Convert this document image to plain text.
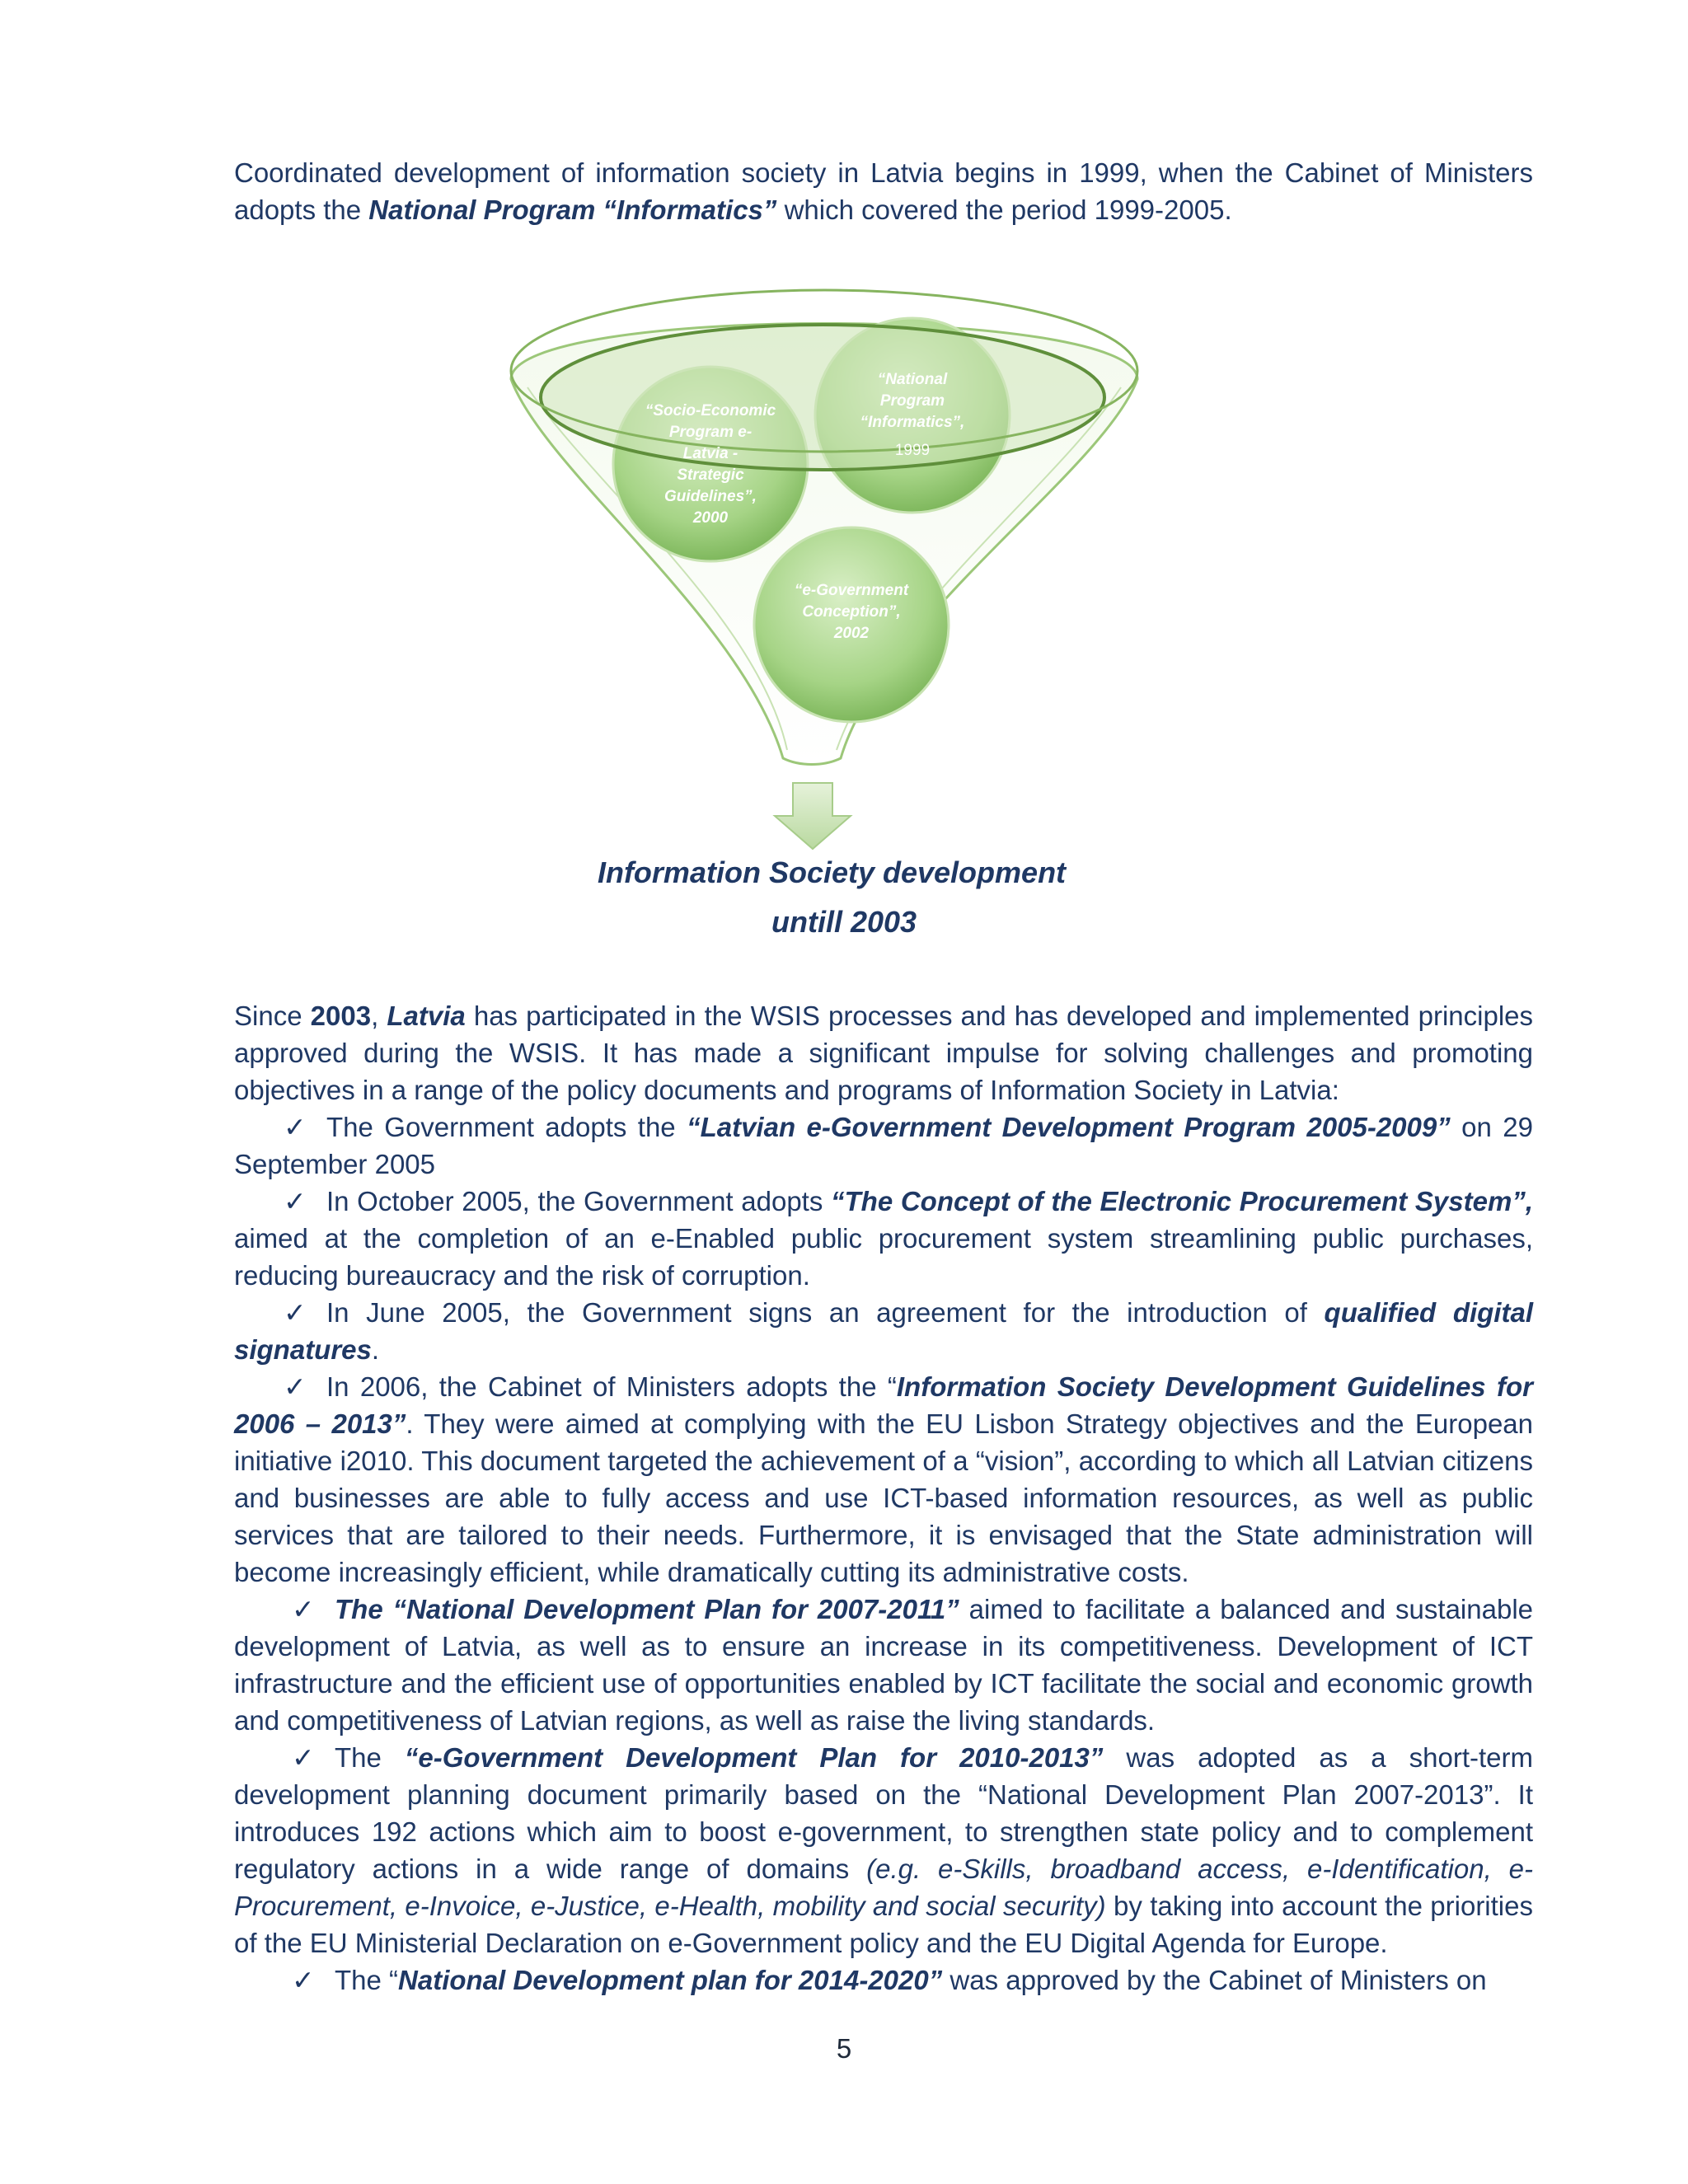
Coordinated development of information society in Latvia begins in 1999, when the Cabinet of Ministers adopts the National Program “Informatics” which covered the period 1999-2005.
“Socio-Economic
Program e-
Latvia -
Strategic
Guidelines”,
2000
“National
Program
“Informatics”,
1999
“e-Government
Conception”,
2002
Information Society development
untill 2003
Since 2003, Latvia has participated in the WSIS processes and has developed and implemented principles approved during the WSIS. It has made a significant impulse for solving challenges and promoting objectives in a range of the policy documents and programs of Information Society in Latvia:
✓ The Government adopts the “Latvian e-Government Development Program 2005-2009” on 29 September 2005
✓ In October 2005, the Government adopts “The Concept of the Electronic Procurement System”, aimed at the completion of an e-Enabled public procurement system streamlining public purchases, reducing bureaucracy and the risk of corruption.
✓ In June 2005, the Government signs an agreement for the introduction of qualified digital signatures.
✓ In 2006, the Cabinet of Ministers adopts the “Information Society Development Guidelines for 2006 – 2013”. They were aimed at complying with the EU Lisbon Strategy objectives and the European initiative i2010. This document targeted the achievement of a “vision”, according to which all Latvian citizens and businesses are able to fully access and use ICT-based information resources, as well as public services that are tailored to their needs. Furthermore, it is envisaged that the State administration will become increasingly efficient, while dramatically cutting its administrative costs.
✓ The “National Development Plan for 2007-2011” aimed to facilitate a balanced and sustainable development of Latvia, as well as to ensure an increase in its competitiveness. Development of ICT infrastructure and the efficient use of opportunities enabled by ICT facilitate the social and economic growth and competitiveness of Latvian regions, as well as raise the living standards.
✓ The “e-Government Development Plan for 2010-2013” was adopted as a short-term development planning document primarily based on the “National Development Plan 2007-2013”. It introduces 192 actions which aim to boost e-government, to strengthen state policy and to complement regulatory actions in a wide range of domains (e.g. e-Skills, broadband access, e-Identification, e-Procurement, e-Invoice, e-Justice, e-Health, mobility and social security) by taking into account the priorities of the EU Ministerial Declaration on e-Government policy and the EU Digital Agenda for Europe.
✓ The “National Development plan for 2014-2020” was approved by the Cabinet of Ministers on
5
